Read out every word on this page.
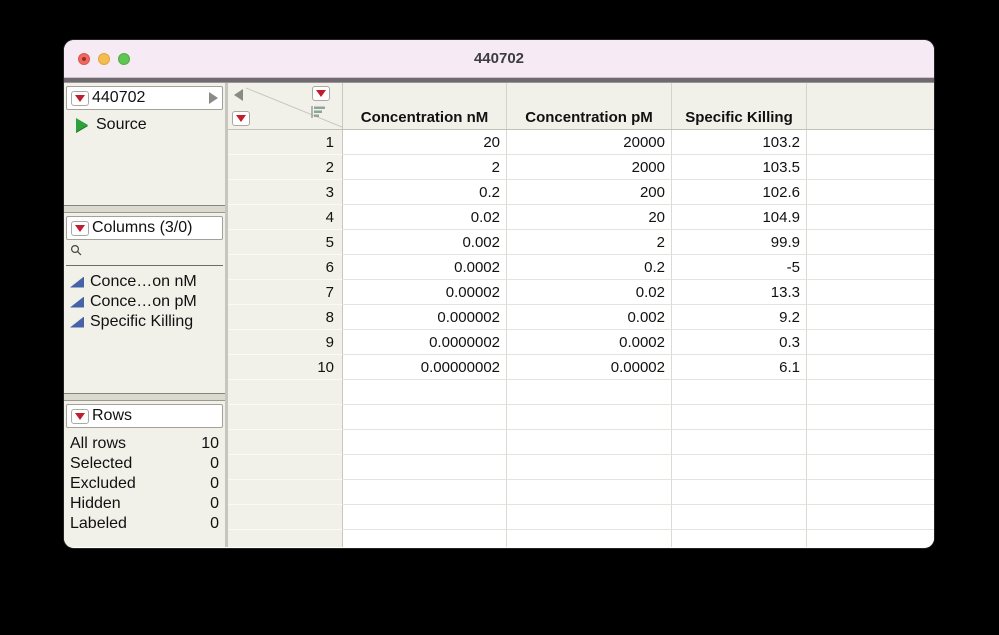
440702
440702
Source
Columns (3/0)
Conce…on nM
Conce…on pM
Specific Killing
Rows
All rows	10
Selected	0
Excluded	0
Hidden	0
Labeled	0
Concentration nM	Concentration pM	Specific Killing
1	20	20000	103.2
2	2	2000	103.5
3	0.2	200	102.6
4	0.02	20	104.9
5	0.002	2	99.9
6	0.0002	0.2	-5
7	0.00002	0.02	13.3
8	0.000002	0.002	9.2
9	0.0000002	0.0002	0.3
10	0.00000002	0.00002	6.1
